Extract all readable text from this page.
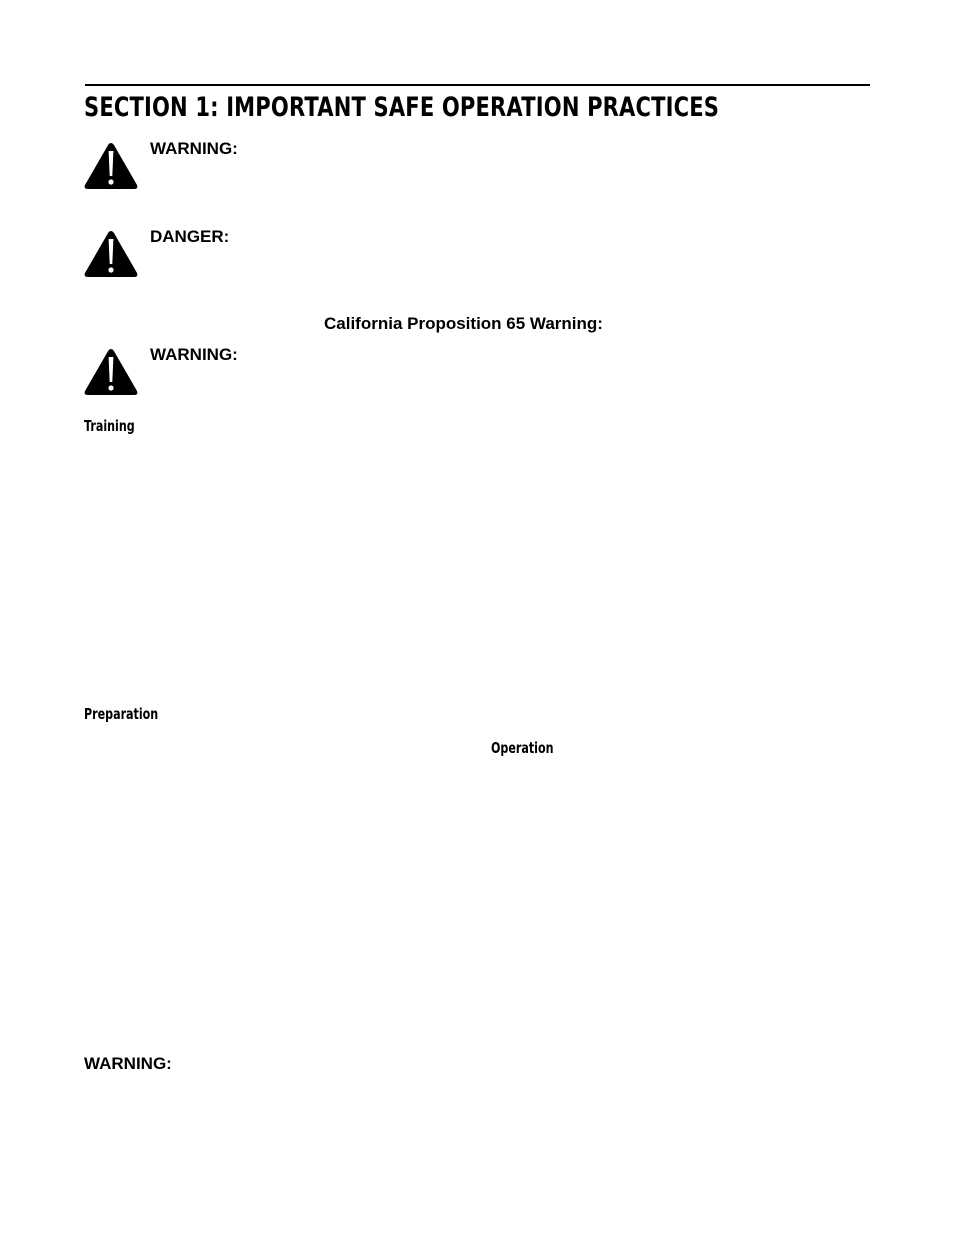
SECTION 1: IMPORTANT SAFE OPERATION PRACTICES

WARNING:

DANGER:

California Proposition 65 Warning:

WARNING:

Training

Preparation

Operation

WARNING:
